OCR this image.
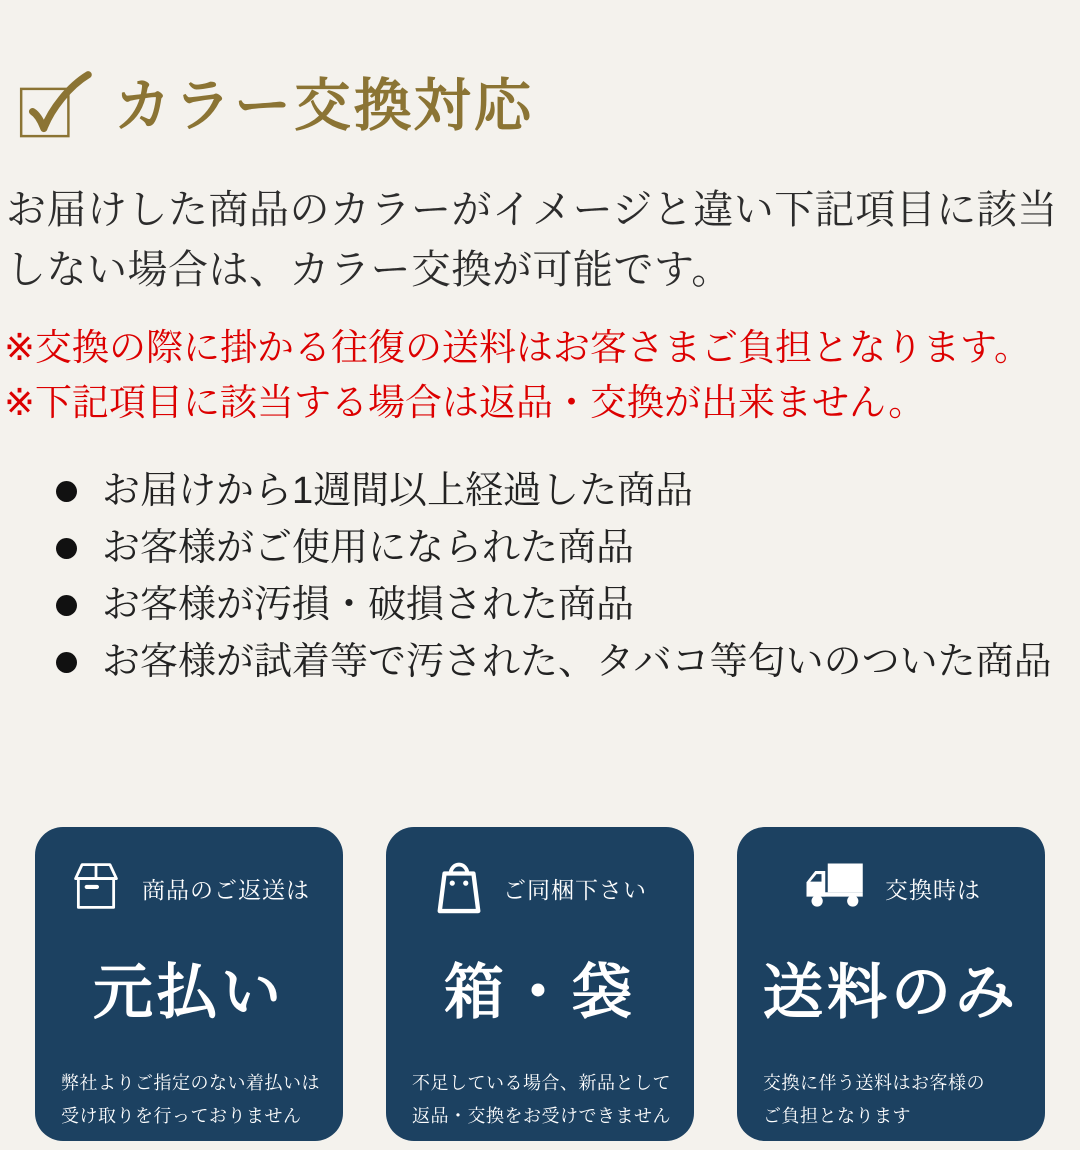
カラー交換対応

お届けした商品のカラーがイメージと違い下記項目に該当
しない場合は、カラー交換が可能です。

※交換の際に掛かる往復の送料はお客さまご負担となります。

※下記項目に該当する場合は返品・交換が出来ません。

お届けから1週間以上経過した商品
お客様がご使用になられた商品
お客様が汚損・破損された商品
お客様が試着等で汚された、タバコ等匂いのついた商品
商品のご返送は
元払い
弊社よりご指定のない着払いは
受け取りを行っておりません
ご同梱下さい
箱・袋
不足している場合、新品として
返品・交換をお受けできません
交換時は
送料のみ
交換に伴う送料はお客様の
ご負担となります
